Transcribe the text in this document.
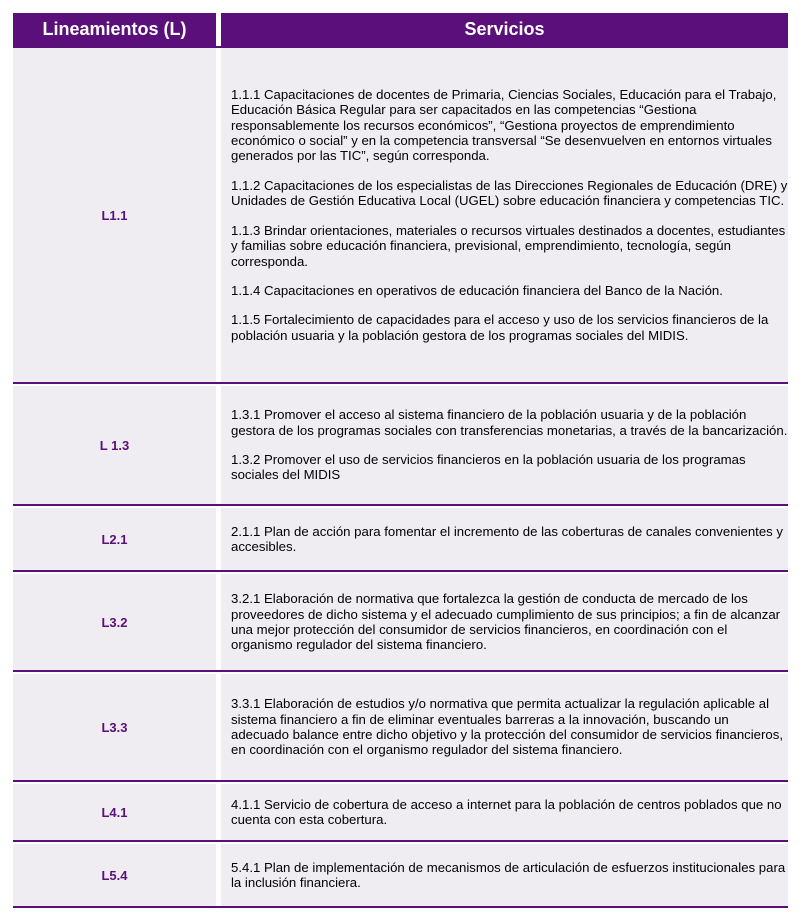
Lineamientos (L)	Servicios
L1.1

1.1.1 Capacitaciones de docentes de Primaria, Ciencias Sociales, Educación para el Trabajo, Educación Básica Regular para ser capacitados en las competencias “Gestiona responsablemente los recursos económicos”, “Gestiona proyectos de emprendimiento económico o social” y en la competencia transversal “Se desenvuelven en entornos virtuales generados por las TIC”, según corresponda.

1.1.2 Capacitaciones de los especialistas de las Direcciones Regionales de Educación (DRE) y Unidades de Gestión Educativa Local (UGEL) sobre educación financiera y competencias TIC.

1.1.3 Brindar orientaciones, materiales o recursos virtuales destinados a docentes, estudiantes y familias sobre educación financiera, previsional, emprendimiento, tecnología, según corresponda.

1.1.4 Capacitaciones en operativos de educación financiera del Banco de la Nación.

1.1.5 Fortalecimiento de capacidades para el acceso y uso de los servicios financieros de la población usuaria y la población gestora de los programas sociales del MIDIS.

L 1.3

1.3.1 Promover el acceso al sistema financiero de la población usuaria y de la población gestora de los programas sociales con transferencias monetarias, a través de la bancarización.

1.3.2 Promover el uso de servicios financieros en la población usuaria de los programas sociales del MIDIS

L2.1

2.1.1 Plan de acción para fomentar el incremento de las coberturas de canales convenientes y accesibles.

L3.2

3.2.1 Elaboración de normativa que fortalezca la gestión de conducta de mercado de los proveedores de dicho sistema y el adecuado cumplimiento de sus principios; a fin de alcanzar una mejor protección del consumidor de servicios financieros, en coordinación con el organismo regulador del sistema financiero.

L3.3

3.3.1 Elaboración de estudios y/o normativa que permita actualizar la regulación aplicable al sistema financiero a fin de eliminar eventuales barreras a la innovación, buscando un adecuado balance entre dicho objetivo y la protección del consumidor de servicios financieros, en coordinación con el organismo regulador del sistema financiero.

L4.1

4.1.1 Servicio de cobertura de acceso a internet para la población de centros poblados que no cuenta con esta cobertura.

L5.4

5.4.1 Plan de implementación de mecanismos de articulación de esfuerzos institucionales para la inclusión financiera.
